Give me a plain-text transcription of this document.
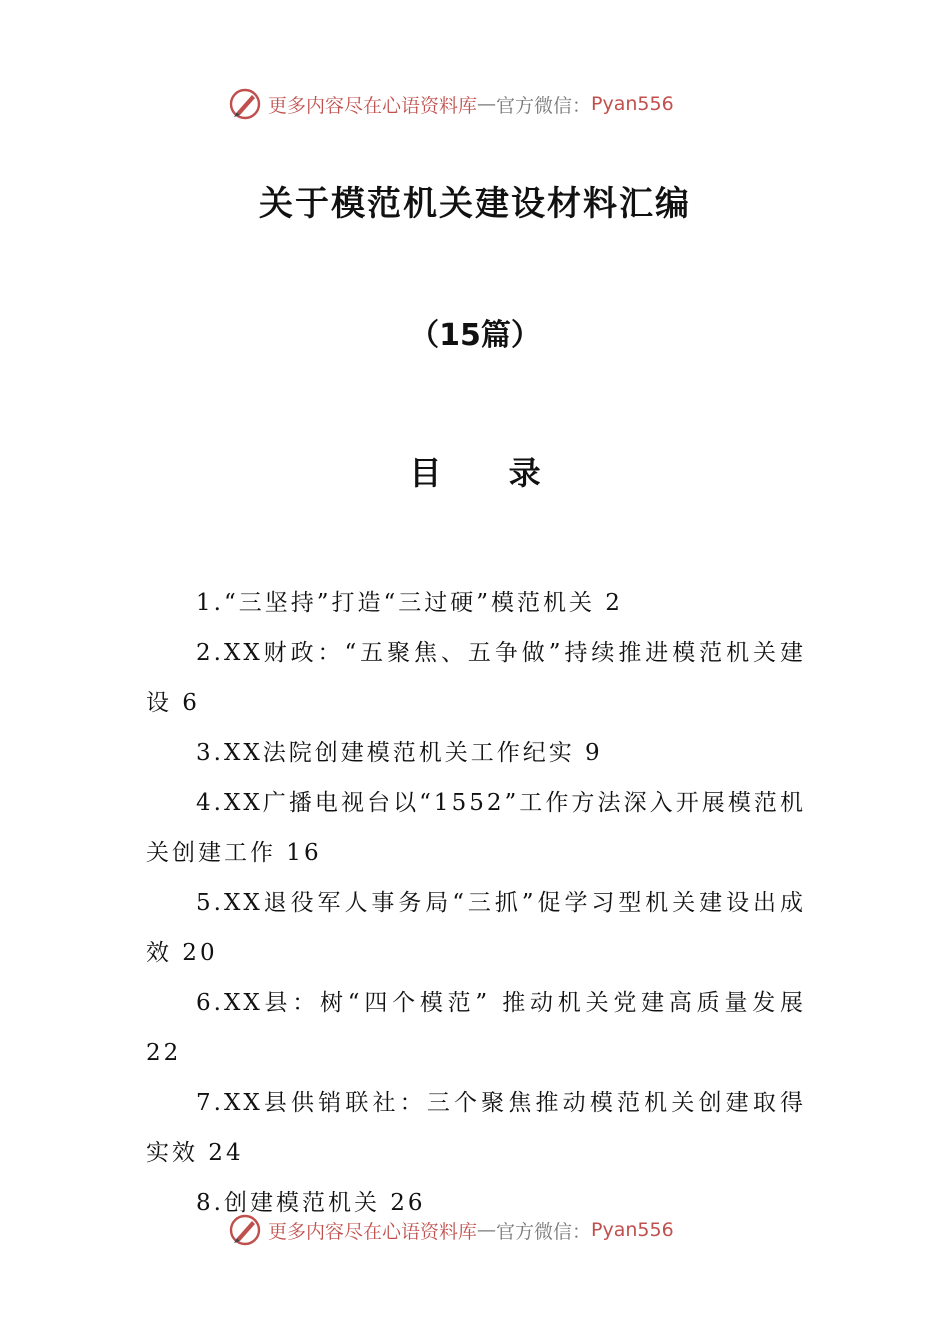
更多内容尽在心语资料库 — 官方微信： Pyan556
关于模范机关建设材料汇编
（15篇）
目 录

1.“三坚持”打造“三过硬”模范机关 2

2.XX财政：“五聚焦、五争做”持续推进模范机关建设 6

3.XX法院创建模范机关工作纪实 9

4.XX广播电视台以“1552”工作方法深入开展模范机关创建工作 16

5.XX退役军人事务局“三抓”促学习型机关建设出成效 20

6.XX县：树“四个模范” 推动机关党建高质量发展 22

7.XX县供销联社：三个聚焦推动模范机关创建取得实效 24

8.创建模范机关 26

更多内容尽在心语资料库 — 官方微信： Pyan556
